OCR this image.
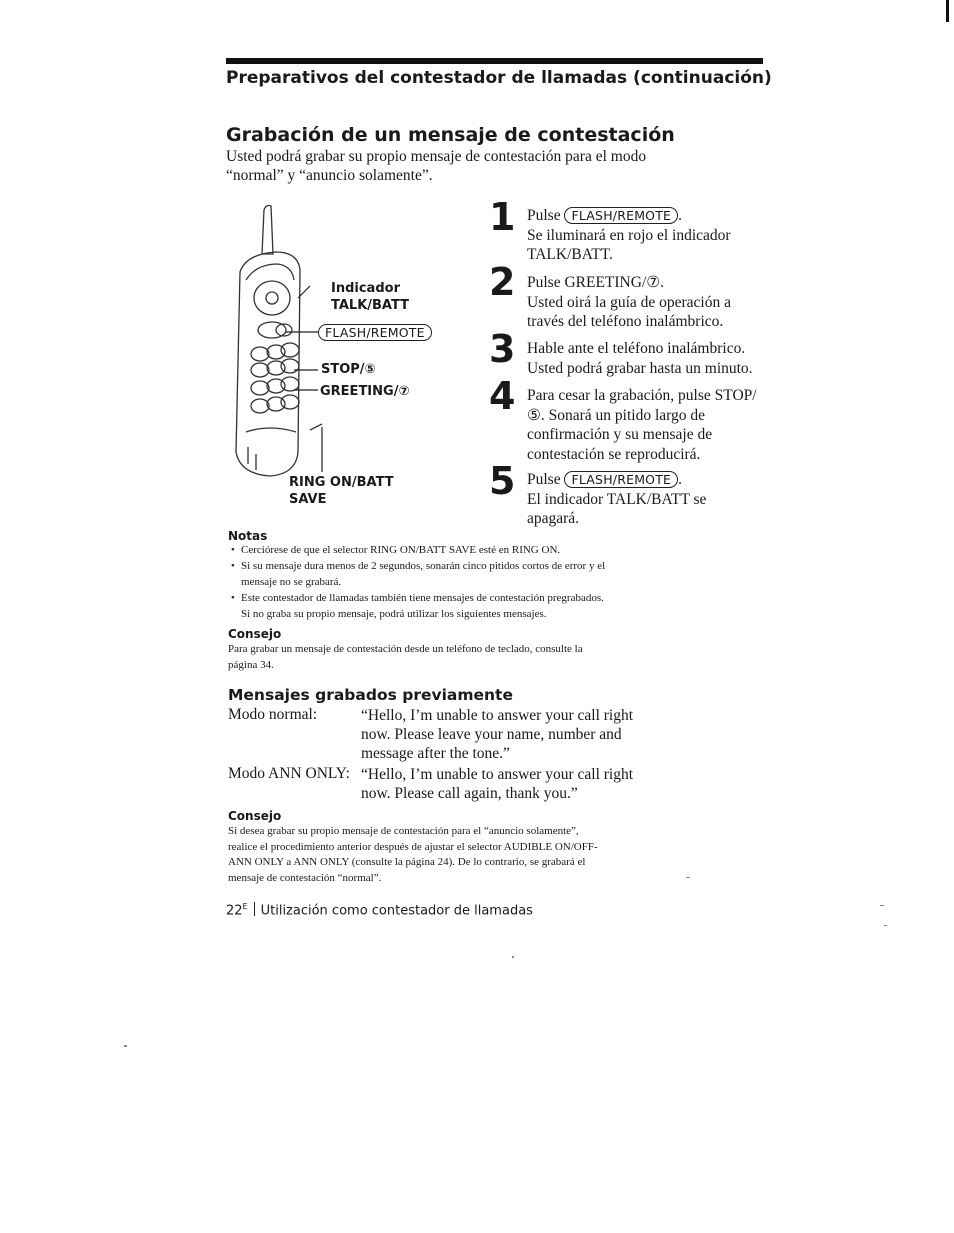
Preparativos del contestador de llamadas (continuación)
Grabación de un mensaje de contestación
Usted podrá grabar su propio mensaje de contestación para el modo
“normal” y “anuncio solamente”.
Indicador
TALK/BATT
FLASH/REMOTE
STOP/⑤
GREETING/⑦
RING ON/BATT
SAVE
1 Pulse FLASH/REMOTE .
Se iluminará en rojo el indicador
TALK/BATT.
2 Pulse GREETING/⑦.
Usted oirá la guía de operación a
través del teléfono inalámbrico.
3 Hable ante el teléfono inalámbrico.
Usted podrá grabar hasta un minuto.
4 Para cesar la grabación, pulse STOP/
⑤. Sonará un pitido largo de
confirmación y su mensaje de
contestación se reproducirá.
5 Pulse FLASH/REMOTE .
El indicador TALK/BATT se
apagará.
Notas
• Cerciórese de que el selector RING ON/BATT SAVE esté en RING ON.
• Si su mensaje dura menos de 2 segundos, sonarán cinco pitidos cortos de error y el
mensaje no se grabará.
• Este contestador de llamadas también tiene mensajes de contestación pregrabados.
Si no graba su propio mensaje, podrá utilizar los siguientes mensajes.
Consejo
Para grabar un mensaje de contestación desde un teléfono de teclado, consulte la
página 34.
Mensajes grabados previamente
Modo normal:	“Hello, I’m unable to answer your call right
now. Please leave your name, number and
message after the tone.”
Modo ANN ONLY: “Hello, I’m unable to answer your call right
now. Please call again, thank you.”
Consejo
Si desea grabar su propio mensaje de contestación para el “anuncio solamente”,
realice el procedimiento anterior después de ajustar el selector AUDIBLE ON/OFF-
ANN ONLY a ANN ONLY (consulte la página 24). De lo contrario, se grabará el
mensaje de contestación “normal”.
$22^E$ Utilización como contestador de llamadas
